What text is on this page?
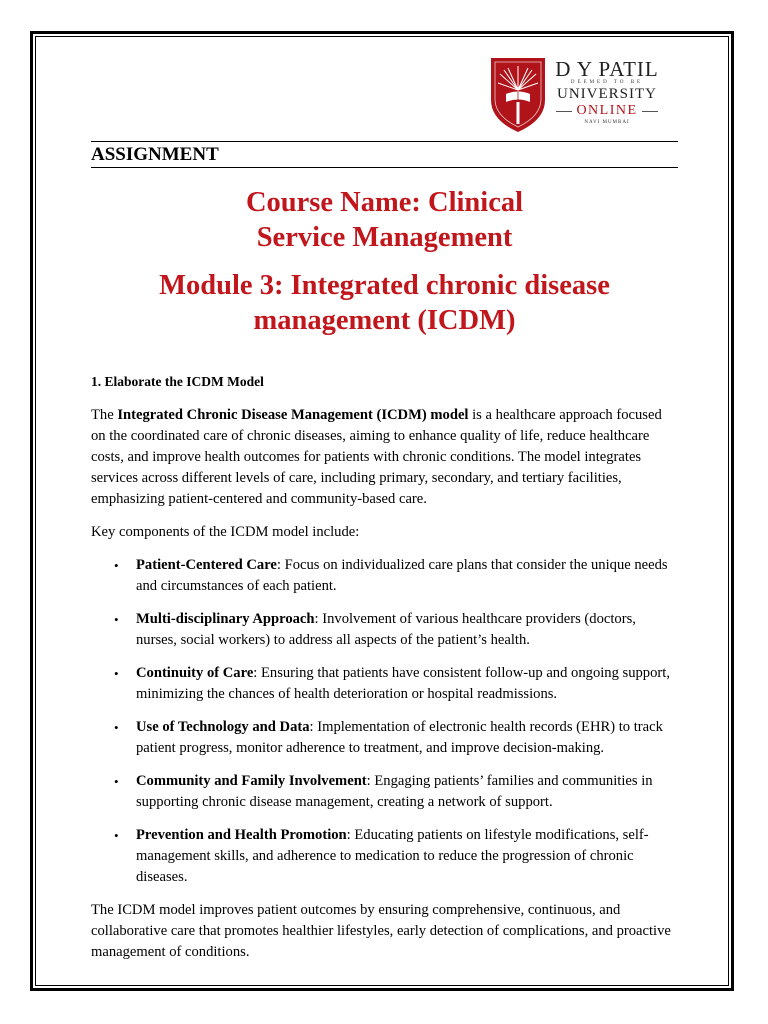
D Y PATIL
DEEMED TO BE
UNIVERSITY
ONLINE
NAVI MUMBAI
ASSIGNMENT
Course Name: Clinical
Service Management
Module 3: Integrated chronic disease
management (ICDM)
1. Elaborate the ICDM Model

The Integrated Chronic Disease Management (ICDM) model is a healthcare approach focused on the coordinated care of chronic diseases, aiming to enhance quality of life, reduce healthcare costs, and improve health outcomes for patients with chronic conditions. The model integrates services across different levels of care, including primary, secondary, and tertiary facilities, emphasizing patient-centered and community-based care.

Key components of the ICDM model include:

• Patient-Centered Care: Focus on individualized care plans that consider the unique needs and circumstances of each patient.
• Multi-disciplinary Approach: Involvement of various healthcare providers (doctors, nurses, social workers) to address all aspects of the patient’s health.
• Continuity of Care: Ensuring that patients have consistent follow-up and ongoing support, minimizing the chances of health deterioration or hospital readmissions.
• Use of Technology and Data: Implementation of electronic health records (EHR) to track patient progress, monitor adherence to treatment, and improve decision-making.
• Community and Family Involvement: Engaging patients’ families and communities in supporting chronic disease management, creating a network of support.
• Prevention and Health Promotion: Educating patients on lifestyle modifications, self-management skills, and adherence to medication to reduce the progression of chronic diseases.

The ICDM model improves patient outcomes by ensuring comprehensive, continuous, and collaborative care that promotes healthier lifestyles, early detection of complications, and proactive management of conditions.
